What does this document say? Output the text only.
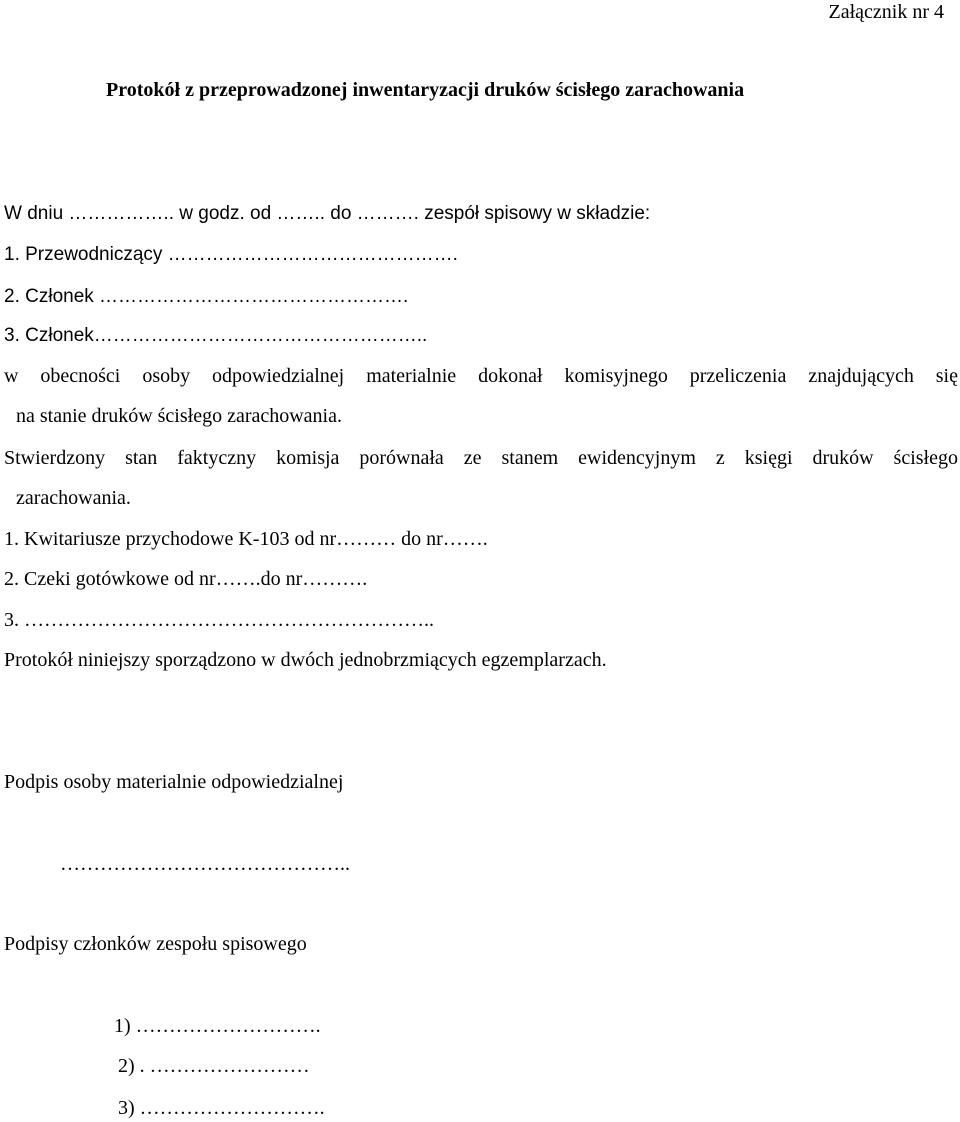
Załącznik nr 4
Protokół z przeprowadzonej inwentaryzacji druków ścisłego zarachowania
W dniu …………….. w godz. od …….. do ………. zespół spisowy w składzie:
1. Przewodniczący ……………………………………….
2. Członek ………………………………………….
3. Członek……………………………………………..
w obecności osoby odpowiedzialnej materialnie dokonał komisyjnego przeliczenia znajdujących się
na stanie druków ścisłego zarachowania.
Stwierdzony stan faktyczny komisja porównała ze stanem ewidencyjnym z księgi druków ścisłego
zarachowania.
1. Kwitariusze przychodowe K-103 od nr……… do nr…….
2. Czeki gotówkowe od nr…….do nr……….
3. ……………………………………………………..
Protokół niniejszy sporządzono w dwóch jednobrzmiących egzemplarzach.
Podpis osoby materialnie odpowiedzialnej
……………………………………..
Podpisy członków zespołu spisowego
1) ……………………….
2) . ……………………
3) ……………………….
